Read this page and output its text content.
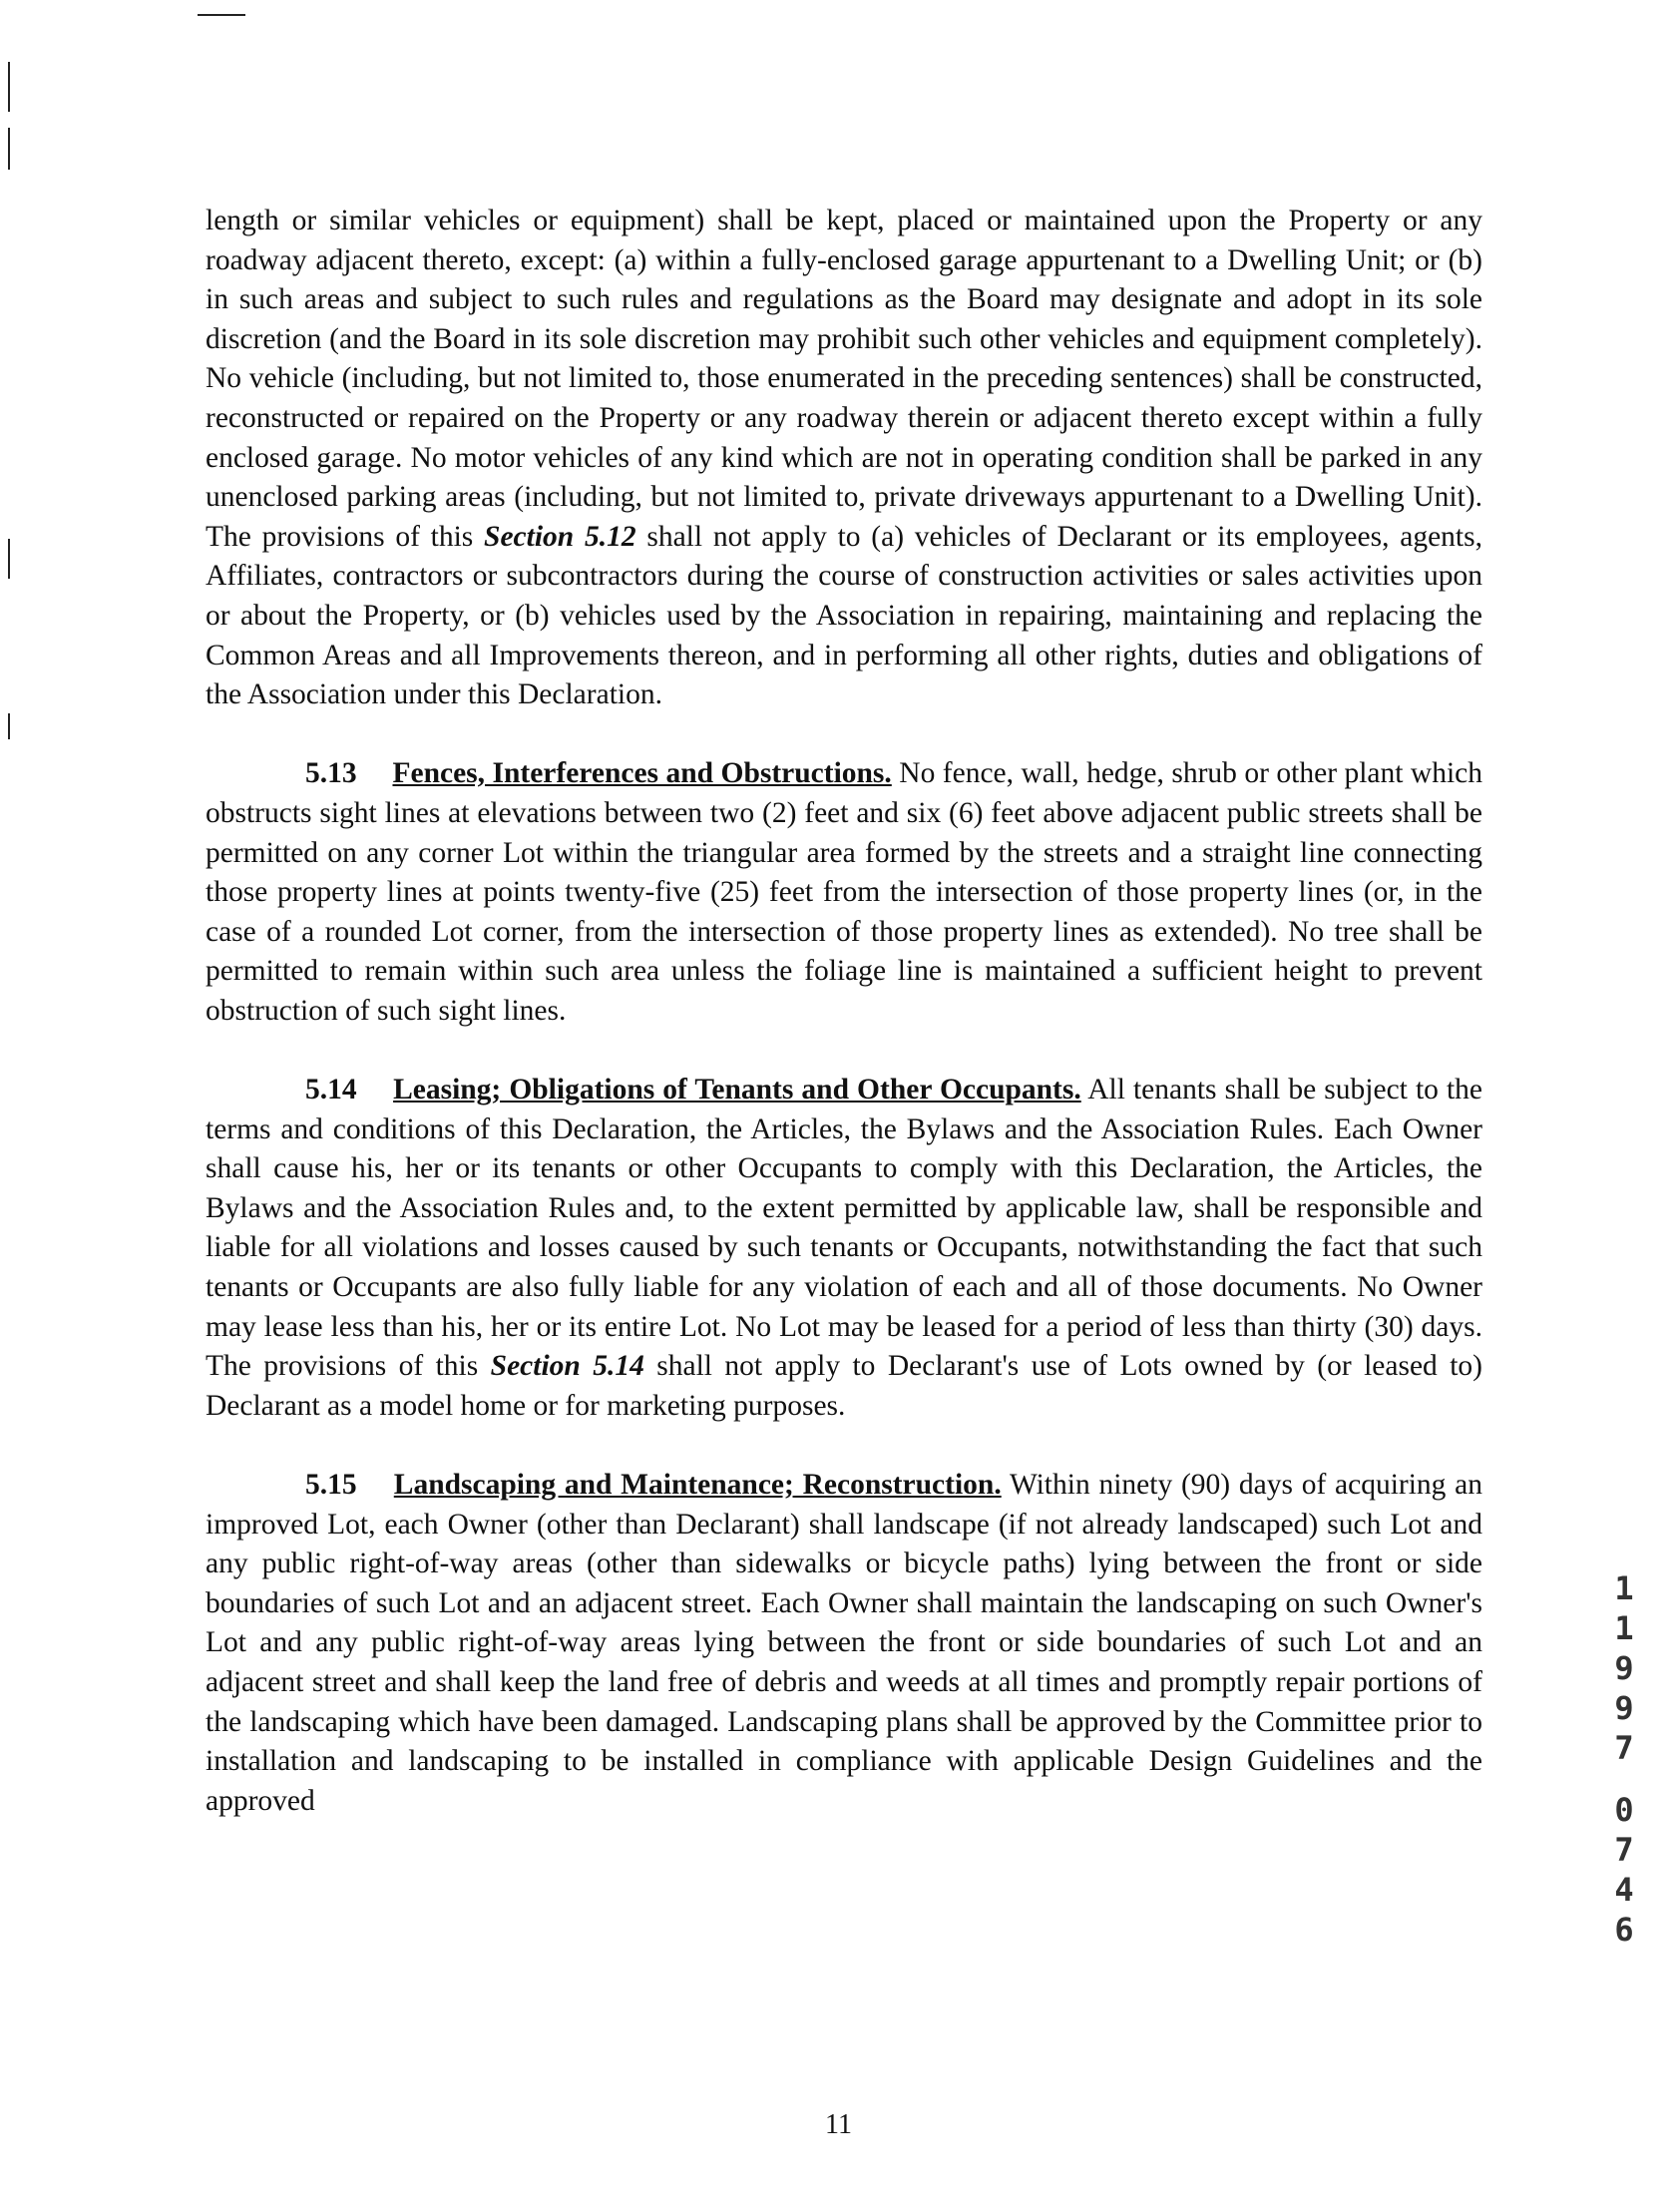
length or similar vehicles or equipment) shall be kept, placed or maintained upon the Property or any roadway adjacent thereto, except: (a) within a fully-enclosed garage appurtenant to a Dwelling Unit; or (b) in such areas and subject to such rules and regulations as the Board may designate and adopt in its sole discretion (and the Board in its sole discretion may prohibit such other vehicles and equipment completely). No vehicle (including, but not limited to, those enumerated in the preceding sentences) shall be constructed, reconstructed or repaired on the Property or any roadway therein or adjacent thereto except within a fully enclosed garage. No motor vehicles of any kind which are not in operating condition shall be parked in any unenclosed parking areas (including, but not limited to, private driveways appurtenant to a Dwelling Unit). The provisions of this Section 5.12 shall not apply to (a) vehicles of Declarant or its employees, agents, Affiliates, contractors or subcontractors during the course of construction activities or sales activities upon or about the Property, or (b) vehicles used by the Association in repairing, maintaining and replacing the Common Areas and all Improvements thereon, and in performing all other rights, duties and obligations of the Association under this Declaration.

5.13 Fences, Interferences and Obstructions. No fence, wall, hedge, shrub or other plant which obstructs sight lines at elevations between two (2) feet and six (6) feet above adjacent public streets shall be permitted on any corner Lot within the triangular area formed by the streets and a straight line connecting those property lines at points twenty-five (25) feet from the intersection of those property lines (or, in the case of a rounded Lot corner, from the intersection of those property lines as extended). No tree shall be permitted to remain within such area unless the foliage line is maintained a sufficient height to prevent obstruction of such sight lines.

5.14 Leasing; Obligations of Tenants and Other Occupants. All tenants shall be subject to the terms and conditions of this Declaration, the Articles, the Bylaws and the Association Rules. Each Owner shall cause his, her or its tenants or other Occupants to comply with this Declaration, the Articles, the Bylaws and the Association Rules and, to the extent permitted by applicable law, shall be responsible and liable for all violations and losses caused by such tenants or Occupants, notwithstanding the fact that such tenants or Occupants are also fully liable for any violation of each and all of those documents. No Owner may lease less than his, her or its entire Lot. No Lot may be leased for a period of less than thirty (30) days. The provisions of this Section 5.14 shall not apply to Declarant's use of Lots owned by (or leased to) Declarant as a model home or for marketing purposes.

5.15 Landscaping and Maintenance; Reconstruction. Within ninety (90) days of acquiring an improved Lot, each Owner (other than Declarant) shall landscape (if not already landscaped) such Lot and any public right-of-way areas (other than sidewalks or bicycle paths) lying between the front or side boundaries of such Lot and an adjacent street. Each Owner shall maintain the landscaping on such Owner's Lot and any public right-of-way areas lying between the front or side boundaries of such Lot and an adjacent street and shall keep the land free of debris and weeds at all times and promptly repair portions of the landscaping which have been damaged. Landscaping plans shall be approved by the Committee prior to installation and landscaping to be installed in compliance with applicable Design Guidelines and the approved

1
1
9
9
7
0
7
4
6
11
